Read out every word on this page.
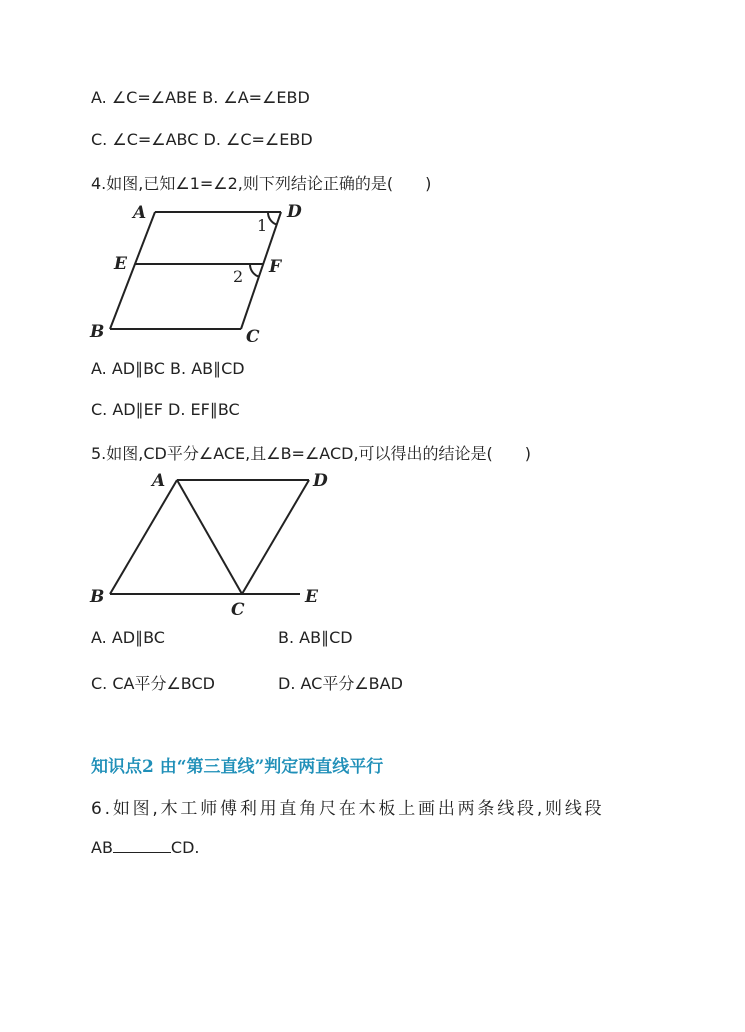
A. ∠C=∠ABE B. ∠A=∠EBD
C. ∠C=∠ABC D. ∠C=∠EBD
4.如图,已知∠1=∠2,则下列结论正确的是(　　)
A	D
E	F
B	C
1
2
A. AD∥BC B. AB∥CD
C. AD∥EF D. EF∥BC
5.如图,CD平分∠ACE,且∠B=∠ACD,可以得出的结论是(　　)
A	D
B
C
E
A. AD∥BC	B. AB∥CD
C. CA平分∠BCD	D. AC平分∠BAD
知识点2 由“第三直线”判定两直线平行
6.如图,木工师傅利用直角尺在木板上画出两条线段,则线段
AB	CD.
